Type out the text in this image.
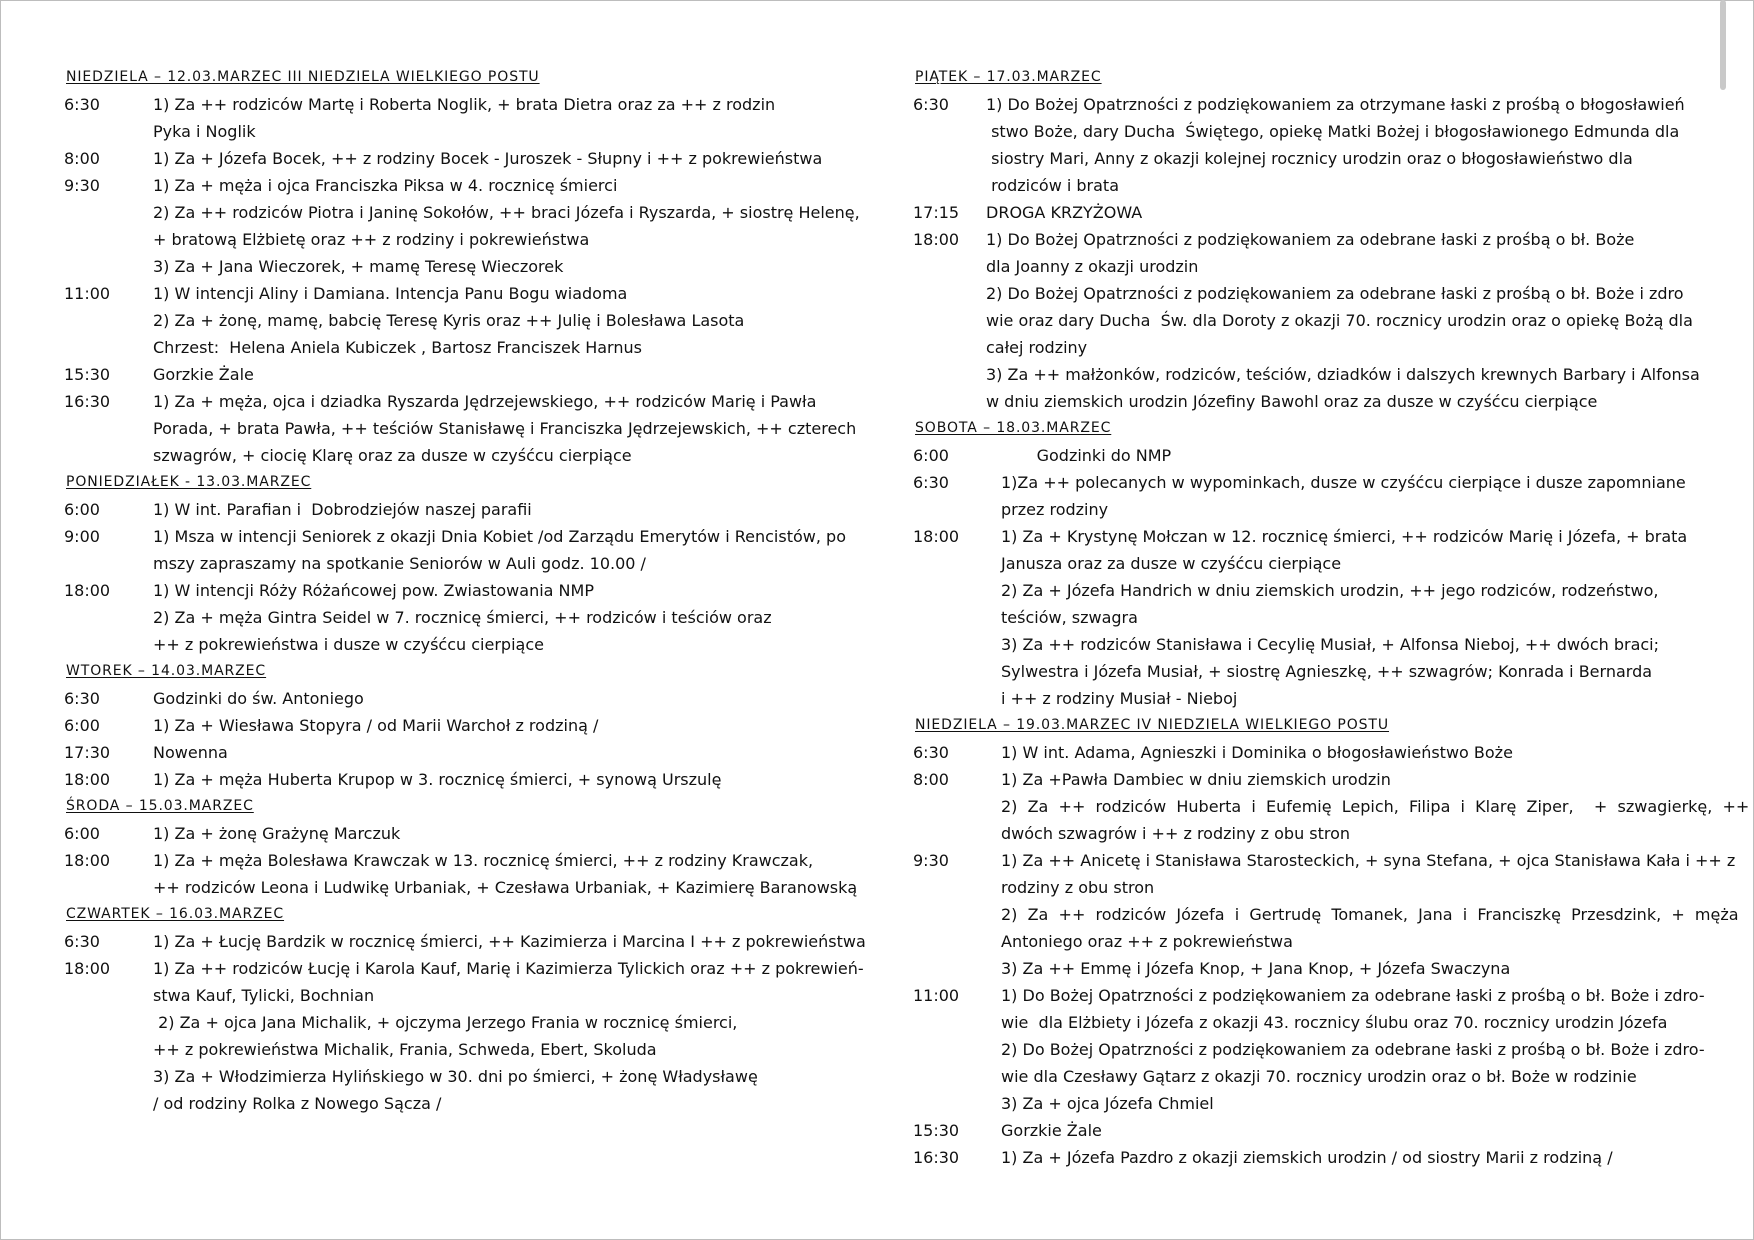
NIEDZIELA – 12.03.MARZEC III NIEDZIELA WIELKIEGO POSTU
6:30	1) Za ++ rodziców Martę i Roberta Noglik, + brata Dietra oraz za ++ z rodzin
Pyka i Noglik
8:00	1) Za + Józefa Bocek, ++ z rodziny Bocek - Juroszek - Słupny i ++ z pokrewieństwa
9:30	1) Za + męża i ojca Franciszka Piksa w 4. rocznicę śmierci
2) Za ++ rodziców Piotra i Janinę Sokołów, ++ braci Józefa i Ryszarda, + siostrę Helenę,
+ bratową Elżbietę oraz ++ z rodziny i pokrewieństwa
3) Za + Jana Wieczorek, + mamę Teresę Wieczorek
11:00	1) W intencji Aliny i Damiana. Intencja Panu Bogu wiadoma
2) Za + żonę, mamę, babcię Teresę Kyris oraz ++ Julię i Bolesława Lasota
Chrzest:  Helena Aniela Kubiczek , Bartosz Franciszek Harnus
15:30	Gorzkie Żale
16:30	1) Za + męża, ojca i dziadka Ryszarda Jędrzejewskiego, ++ rodziców Marię i Pawła
Porada, + brata Pawła, ++ teściów Stanisławę i Franciszka Jędrzejewskich, ++ czterech
szwagrów, + ciocię Klarę oraz za dusze w czyśćcu cierpiące
PONIEDZIAŁEK - 13.03.MARZEC
6:00	1) W int. Parafian i  Dobrodziejów naszej parafii
9:00	1) Msza w intencji Seniorek z okazji Dnia Kobiet /od Zarządu Emerytów i Rencistów, po
mszy zapraszamy na spotkanie Seniorów w Auli godz. 10.00 /
18:00	1) W intencji Róży Różańcowej pow. Zwiastowania NMP
2) Za + męża Gintra Seidel w 7. rocznicę śmierci, ++ rodziców i teściów oraz
++ z pokrewieństwa i dusze w czyśćcu cierpiące
WTOREK – 14.03.MARZEC
6:30	Godzinki do św. Antoniego
6:00	1) Za + Wiesława Stopyra / od Marii Warchoł z rodziną /
17:30	Nowenna
18:00	1) Za + męża Huberta Krupop w 3. rocznicę śmierci, + synową Urszulę
ŚRODA – 15.03.MARZEC
6:00	1) Za + żonę Grażynę Marczuk
18:00	1) Za + męża Bolesława Krawczak w 13. rocznicę śmierci, ++ z rodziny Krawczak,
++ rodziców Leona i Ludwikę Urbaniak, + Czesława Urbaniak, + Kazimierę Baranowską
CZWARTEK – 16.03.MARZEC
6:30	1) Za + Łucję Bardzik w rocznicę śmierci, ++ Kazimierza i Marcina I ++ z pokrewieństwa
18:00	1) Za ++ rodziców Łucję i Karola Kauf, Marię i Kazimierza Tylickich oraz ++ z pokrewień-
stwa Kauf, Tylicki, Bochnian
2) Za + ojca Jana Michalik, + ojczyma Jerzego Frania w rocznicę śmierci,
++ z pokrewieństwa Michalik, Frania, Schweda, Ebert, Skoluda
3) Za + Włodzimierza Hylińskiego w 30. dni po śmierci, + żonę Władysławę
/ od rodziny Rolka z Nowego Sącza /
PIĄTEK – 17.03.MARZEC
6:30	1) Do Bożej Opatrzności z podziękowaniem za otrzymane łaski z prośbą o błogosławień
stwo Boże, dary Ducha  Świętego, opiekę Matki Bożej i błogosławionego Edmunda dla
siostry Mari, Anny z okazji kolejnej rocznicy urodzin oraz o błogosławieństwo dla
rodziców i brata
17:15	DROGA KRZYŻOWA
18:00	1) Do Bożej Opatrzności z podziękowaniem za odebrane łaski z prośbą o bł. Boże
dla Joanny z okazji urodzin
2) Do Bożej Opatrzności z podziękowaniem za odebrane łaski z prośbą o bł. Boże i zdro
wie oraz dary Ducha  Św. dla Doroty z okazji 70. rocznicy urodzin oraz o opiekę Bożą dla
całej rodziny
3) Za ++ małżonków, rodziców, teściów, dziadków i dalszych krewnych Barbary i Alfonsa
w dniu ziemskich urodzin Józefiny Bawohl oraz za dusze w czyśćcu cierpiące
SOBOTA – 18.03.MARZEC
6:00	Godzinki do NMP
6:30	1)Za ++ polecanych w wypominkach, dusze w czyśćcu cierpiące i dusze zapomniane
przez rodziny
18:00	1) Za + Krystynę Mołczan w 12. rocznicę śmierci, ++ rodziców Marię i Józefa, + brata
Janusza oraz za dusze w czyśćcu cierpiące
2) Za + Józefa Handrich w dniu ziemskich urodzin, ++ jego rodziców, rodzeństwo,
teściów, szwagra
3) Za ++ rodziców Stanisława i Cecylię Musiał, + Alfonsa Nieboj, ++ dwóch braci;
Sylwestra i Józefa Musiał, + siostrę Agnieszkę, ++ szwagrów; Konrada i Bernarda
i ++ z rodziny Musiał - Nieboj
NIEDZIELA – 19.03.MARZEC IV NIEDZIELA WIELKIEGO POSTU
6:30	1) W int. Adama, Agnieszki i Dominika o błogosławieństwo Boże
8:00	1) Za +Pawła Dambiec w dniu ziemskich urodzin
2)  Za  ++  rodziców  Huberta  i  Eufemię  Lepich,  Filipa  i  Klarę  Ziper,    +  szwagierkę,  ++
dwóch szwagrów i ++ z rodziny z obu stron
9:30	1) Za ++ Anicetę i Stanisława Starosteckich, + syna Stefana, + ojca Stanisława Kała i ++ z
rodziny z obu stron
2)  Za  ++  rodziców  Józefa  i  Gertrudę  Tomanek,  Jana  i  Franciszkę  Przesdzink,  +  męża
Antoniego oraz ++ z pokrewieństwa
3) Za ++ Emmę i Józefa Knop, + Jana Knop, + Józefa Swaczyna
11:00	1) Do Bożej Opatrzności z podziękowaniem za odebrane łaski z prośbą o bł. Boże i zdro-
wie  dla Elżbiety i Józefa z okazji 43. rocznicy ślubu oraz 70. rocznicy urodzin Józefa
2) Do Bożej Opatrzności z podziękowaniem za odebrane łaski z prośbą o bł. Boże i zdro-
wie dla Czesławy Gątarz z okazji 70. rocznicy urodzin oraz o bł. Boże w rodzinie
3) Za + ojca Józefa Chmiel
15:30	Gorzkie Żale
16:30	1) Za + Józefa Pazdro z okazji ziemskich urodzin / od siostry Marii z rodziną /
